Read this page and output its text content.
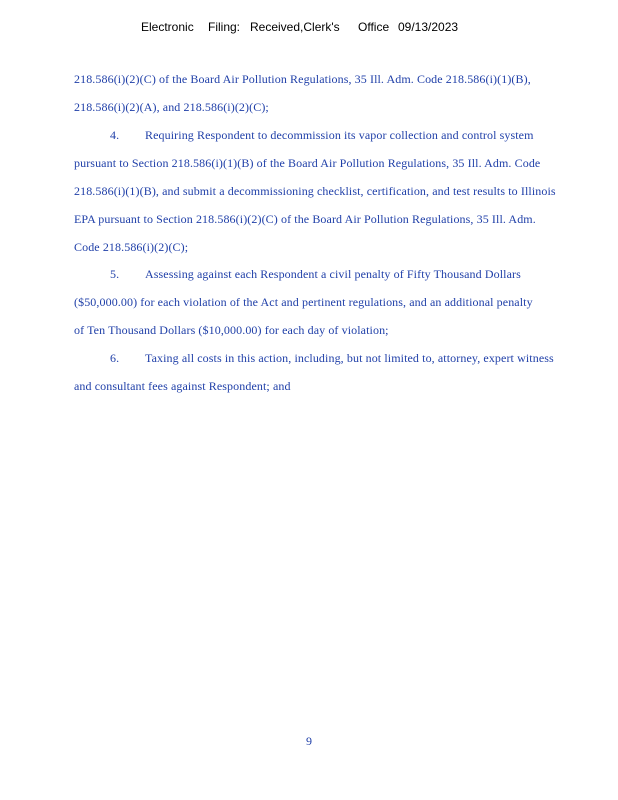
Electronic Filing: Received,Clerk's Office 09/13/2023
218.586(i)(2)(C) of the Board Air Pollution Regulations, 35 Ill. Adm. Code 218.586(i)(1)(B),
218.586(i)(2)(A), and 218.586(i)(2)(C);
4. Requiring Respondent to decommission its vapor collection and control system
pursuant to Section 218.586(i)(1)(B) of the Board Air Pollution Regulations, 35 Ill. Adm. Code
218.586(i)(1)(B), and submit a decommissioning checklist, certification, and test results to Illinois
EPA pursuant to Section 218.586(i)(2)(C) of the Board Air Pollution Regulations, 35 Ill. Adm.
Code 218.586(i)(2)(C);
5. Assessing against each Respondent a civil penalty of Fifty Thousand Dollars
($50,000.00) for each violation of the Act and pertinent regulations, and an additional penalty
of Ten Thousand Dollars ($10,000.00) for each day of violation;
6. Taxing all costs in this action, including, but not limited to, attorney, expert witness
and consultant fees against Respondent; and
9
